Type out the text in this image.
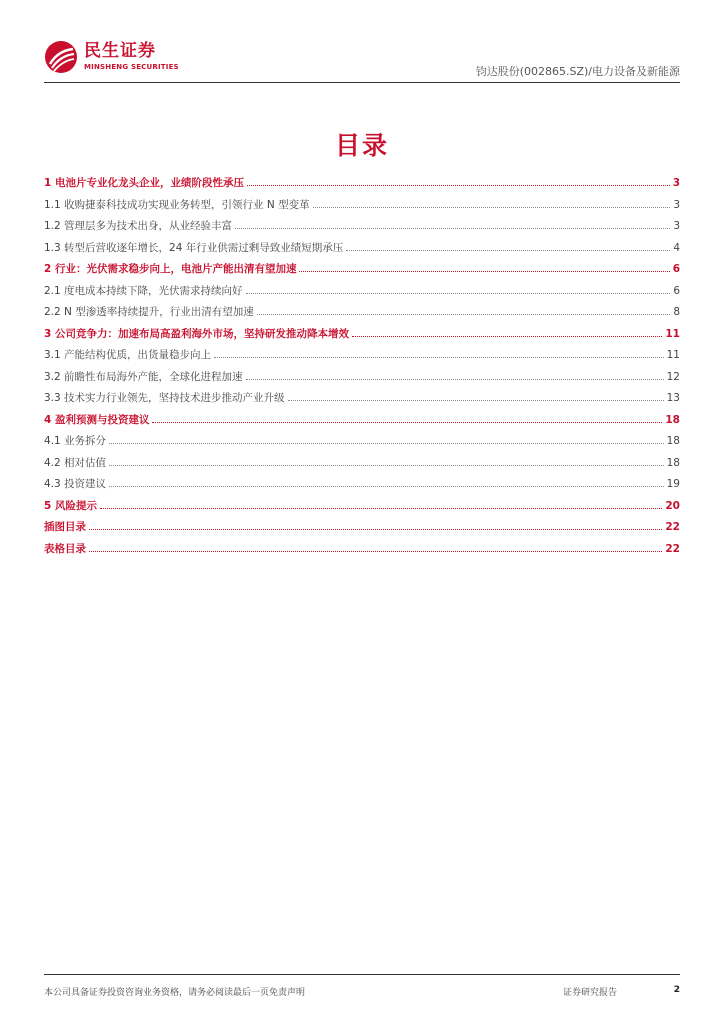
民生证券
MINSHENG SECURITIES	钧达股份(002865.SZ)/电力设备及新能源
目录
1 电池片专业化龙头企业，业绩阶段性承压	3
1.1 收购捷泰科技成功实现业务转型，引领行业 N 型变革	3
1.2 管理层多为技术出身，从业经验丰富	3
1.3 转型后营收逐年增长，24 年行业供需过剩导致业绩短期承压	4
2 行业：光伏需求稳步向上，电池片产能出清有望加速	6
2.1 度电成本持续下降，光伏需求持续向好	6
2.2 N 型渗透率持续提升，行业出清有望加速	8
3 公司竞争力：加速布局高盈利海外市场，坚持研发推动降本增效	11
3.1 产能结构优质，出货量稳步向上	11
3.2 前瞻性布局海外产能，全球化进程加速	12
3.3 技术实力行业领先，坚持技术进步推动产业升级	13
4 盈利预测与投资建议	18
4.1 业务拆分	18
4.2 相对估值	18
4.3 投资建议	19
5 风险提示	20
插图目录	22
表格目录	22
本公司具备证券投资咨询业务资格，请务必阅读最后一页免责声明	证券研究报告	2
